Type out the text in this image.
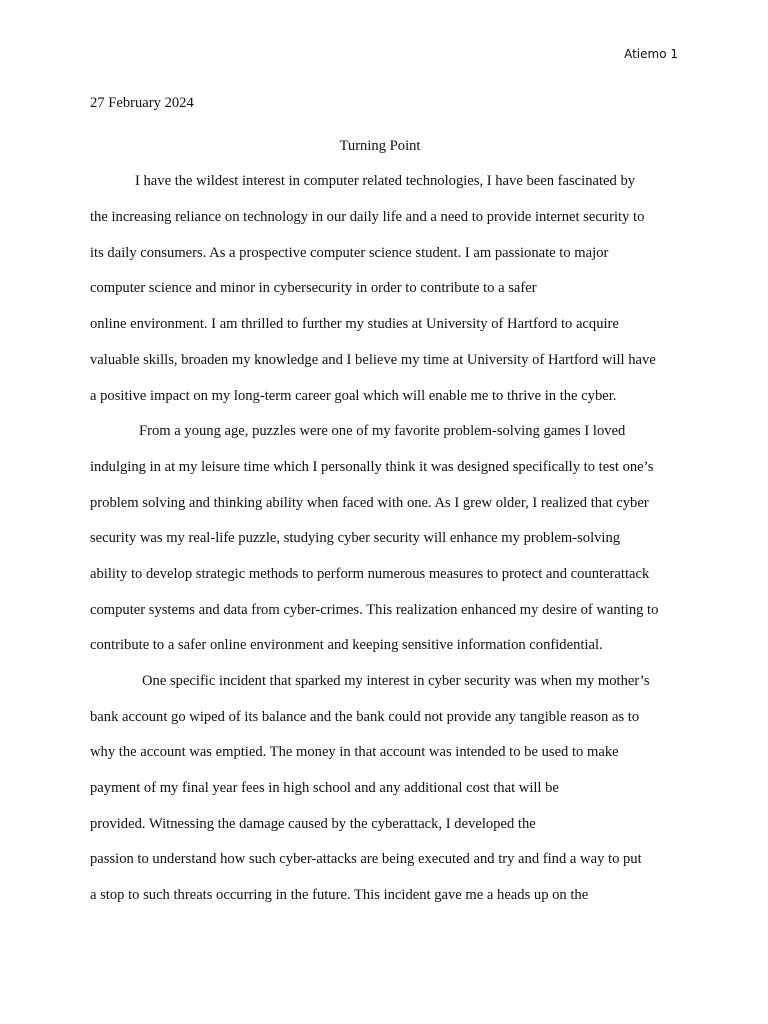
Atiemo 1
27 February 2024
Turning Point
I have the wildest interest in computer related technologies, I have been fascinated by
the increasing reliance on technology in our daily life and a need to provide internet security to
its daily consumers. As a prospective computer science student. I am passionate to major
computer science and minor in cybersecurity in order to contribute to a safer
online environment. I am thrilled to further my studies at University of Hartford to acquire
valuable skills, broaden my knowledge and I believe my time at University of Hartford will have
a positive impact on my long-term career goal which will enable me to thrive in the cyber.
From a young age, puzzles were one of my favorite problem-solving games I loved
indulging in at my leisure time which I personally think it was designed specifically to test one’s
problem solving and thinking ability when faced with one. As I grew older, I realized that cyber
security was my real-life puzzle, studying cyber security will enhance my problem-solving
ability to develop strategic methods to perform numerous measures to protect and counterattack
computer systems and data from cyber-crimes. This realization enhanced my desire of wanting to
contribute to a safer online environment and keeping sensitive information confidential.
One specific incident that sparked my interest in cyber security was when my mother’s
bank account go wiped of its balance and the bank could not provide any tangible reason as to
why the account was emptied. The money in that account was intended to be used to make
payment of my final year fees in high school and any additional cost that will be
provided. Witnessing the damage caused by the cyberattack, I developed the
passion to understand how such cyber-attacks are being executed and try and find a way to put
a stop to such threats occurring in the future. This incident gave me a heads up on the
